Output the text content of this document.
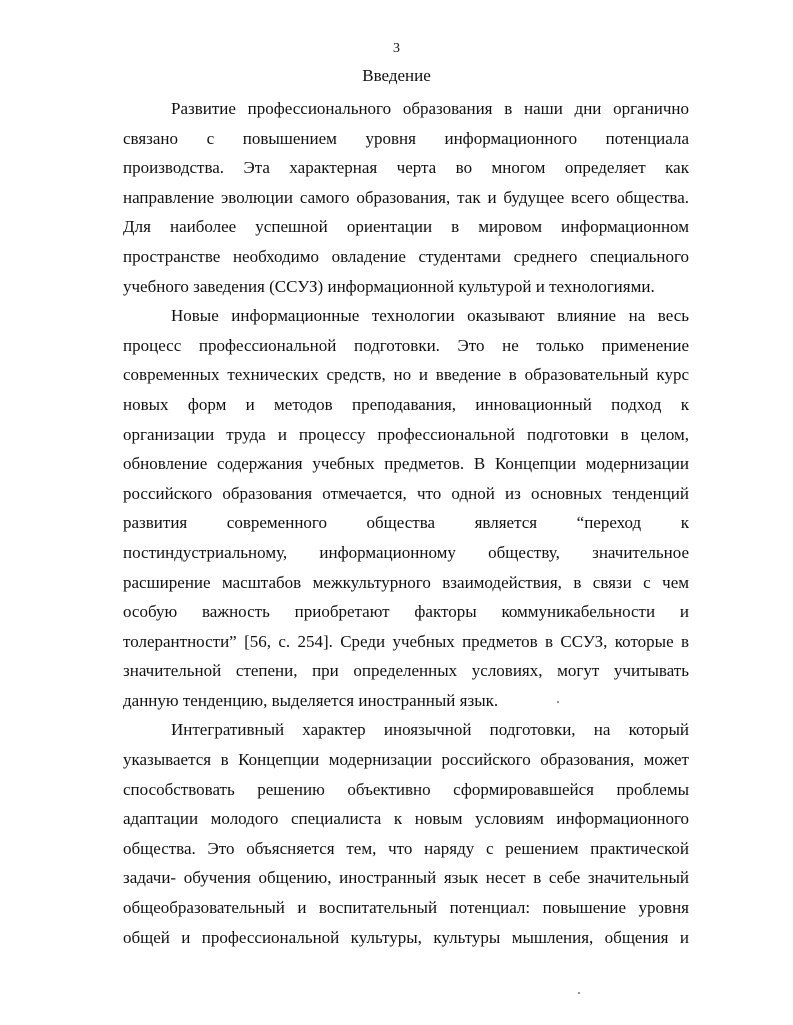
3
Введение

Развитие профессионального образования в наши дни органично
связано с повышением уровня информационного потенциала
производства. Эта характерная черта во многом определяет как
направление эволюции самого образования, так и будущее всего общества.
Для наиболее успешной ориентации в мировом информационном
пространстве необходимо овладение студентами среднего специального
учебного заведения (ССУЗ) информационной культурой и технологиями.

Новые информационные технологии оказывают влияние на весь
процесс профессиональной подготовки. Это не только применение
современных технических средств, но и введение в образовательный курс
новых форм и методов преподавания, инновационный подход к
организации труда и процессу профессиональной подготовки в целом,
обновление содержания учебных предметов. В Концепции модернизации
российского образования отмечается, что одной из основных тенденций
развития современного общества является “переход к
постиндустриальному, информационному обществу, значительное
расширение масштабов межкультурного взаимодействия, в связи с чем
особую важность приобретают факторы коммуникабельности и
толерантности” [56, с. 254]. Среди учебных предметов в ССУЗ, которые в
значительной степени, при определенных условиях, могут учитывать
данную тенденцию, выделяется иностранный язык.

Интегративный характер иноязычной подготовки, на который
указывается в Концепции модернизации российского образования, может
способствовать решению объективно сформировавшейся проблемы
адаптации молодого специалиста к новым условиям информационного
общества. Это объясняется тем, что наряду с решением практической
задачи- обучения общению, иностранный язык несет в себе значительный
общеобразовательный и воспитательный потенциал: повышение уровня
общей и профессиональной культуры, культуры мышления, общения и
